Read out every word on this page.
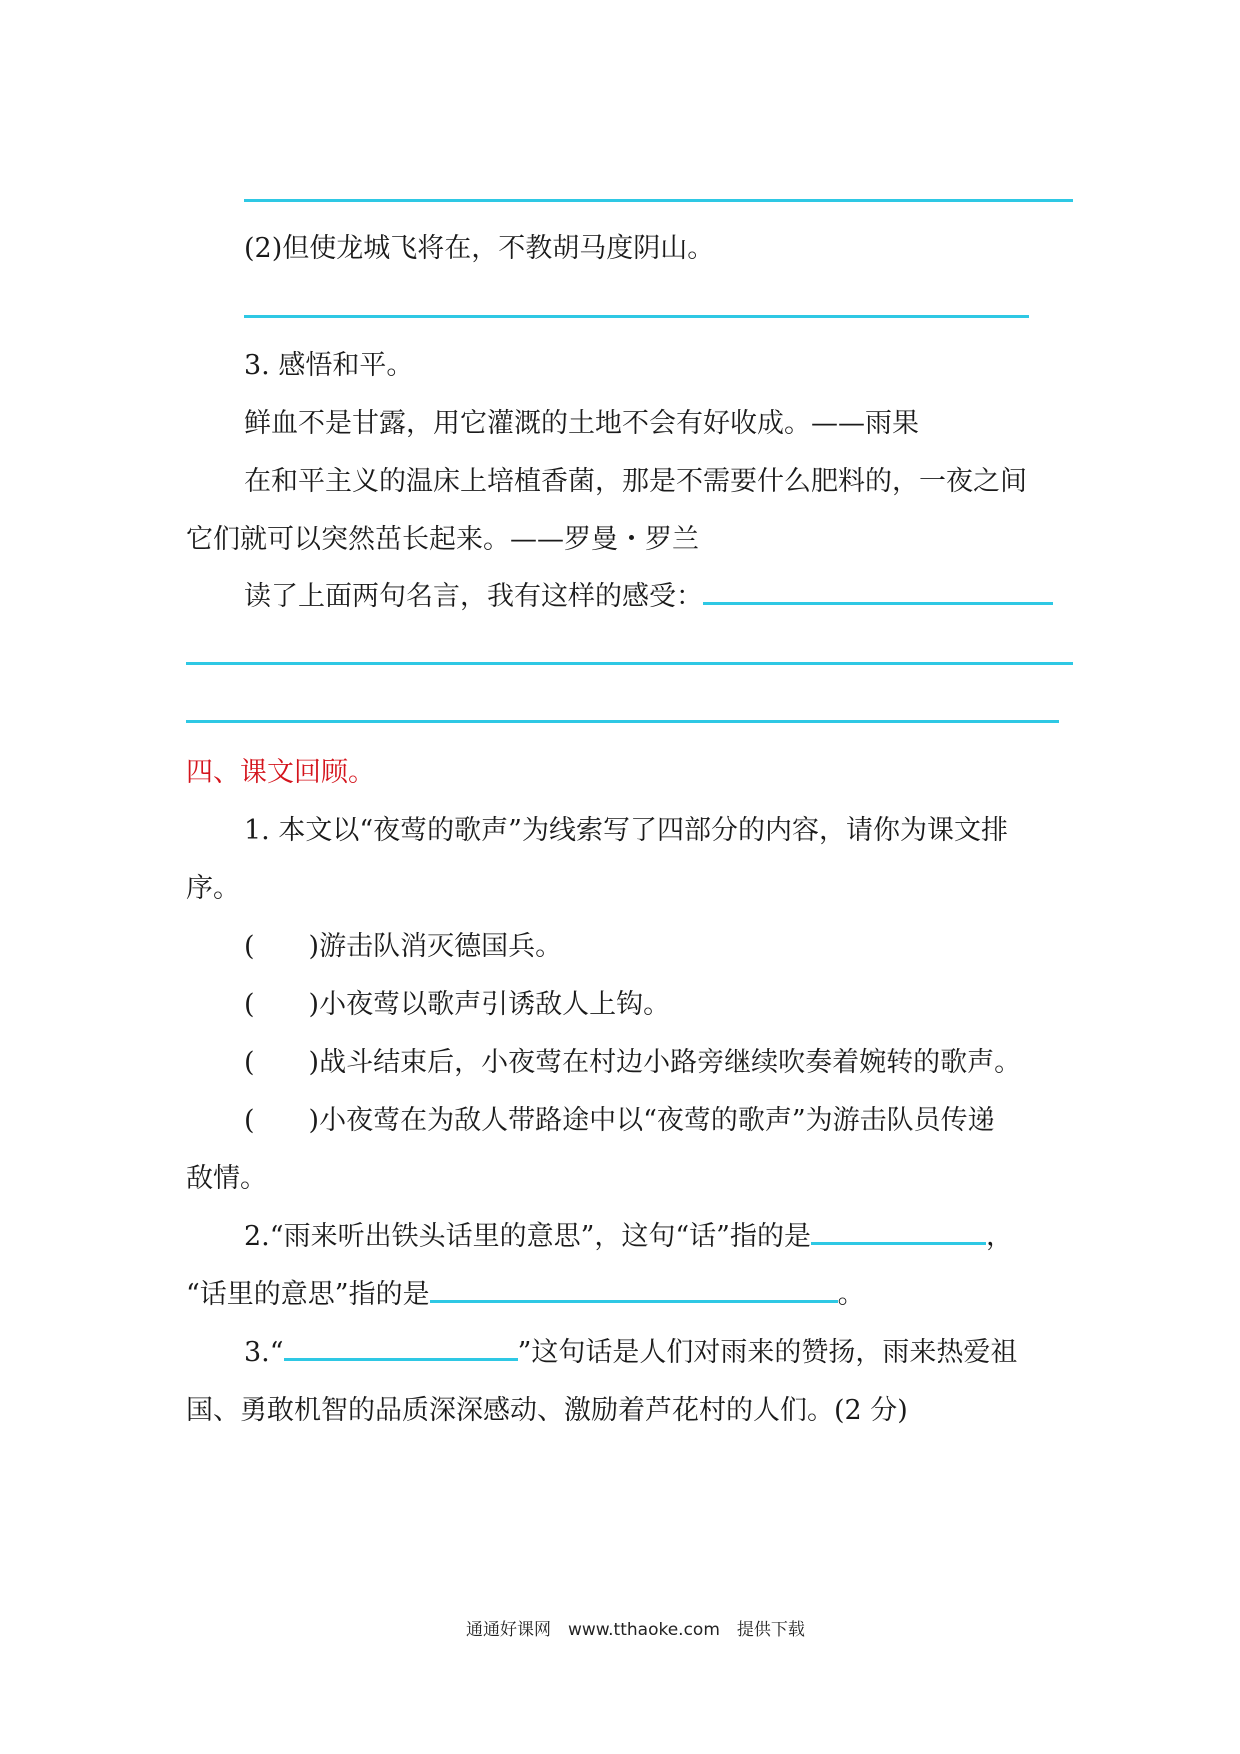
(2)但使龙城飞将在，不教胡马度阴山。
3. 感悟和平。
鲜血不是甘露，用它灌溉的土地不会有好收成。——雨果
在和平主义的温床上培植香菌，那是不需要什么肥料的，一夜之间
它们就可以突然茁长起来。——罗曼・罗兰
读了上面两句名言，我有这样的感受：
四、课文回顾。
1. 本文以“夜莺的歌声”为线索写了四部分的内容，请你为课文排
序。
(　　)游击队消灭德国兵。
(　　)小夜莺以歌声引诱敌人上钩。
(　　)战斗结束后，小夜莺在村边小路旁继续吹奏着婉转的歌声。
(　　)小夜莺在为敌人带路途中以“夜莺的歌声”为游击队员传递
敌情。
2.“雨来听出铁头话里的意思”，这句“话”指的是	，
“话里的意思”指的是	。
3.“	”这句话是人们对雨来的赞扬，雨来热爱祖
国、勇敢机智的品质深深感动、激励着芦花村的人们。(2 分)
通通好课网　www.tthaoke.com　提供下载
